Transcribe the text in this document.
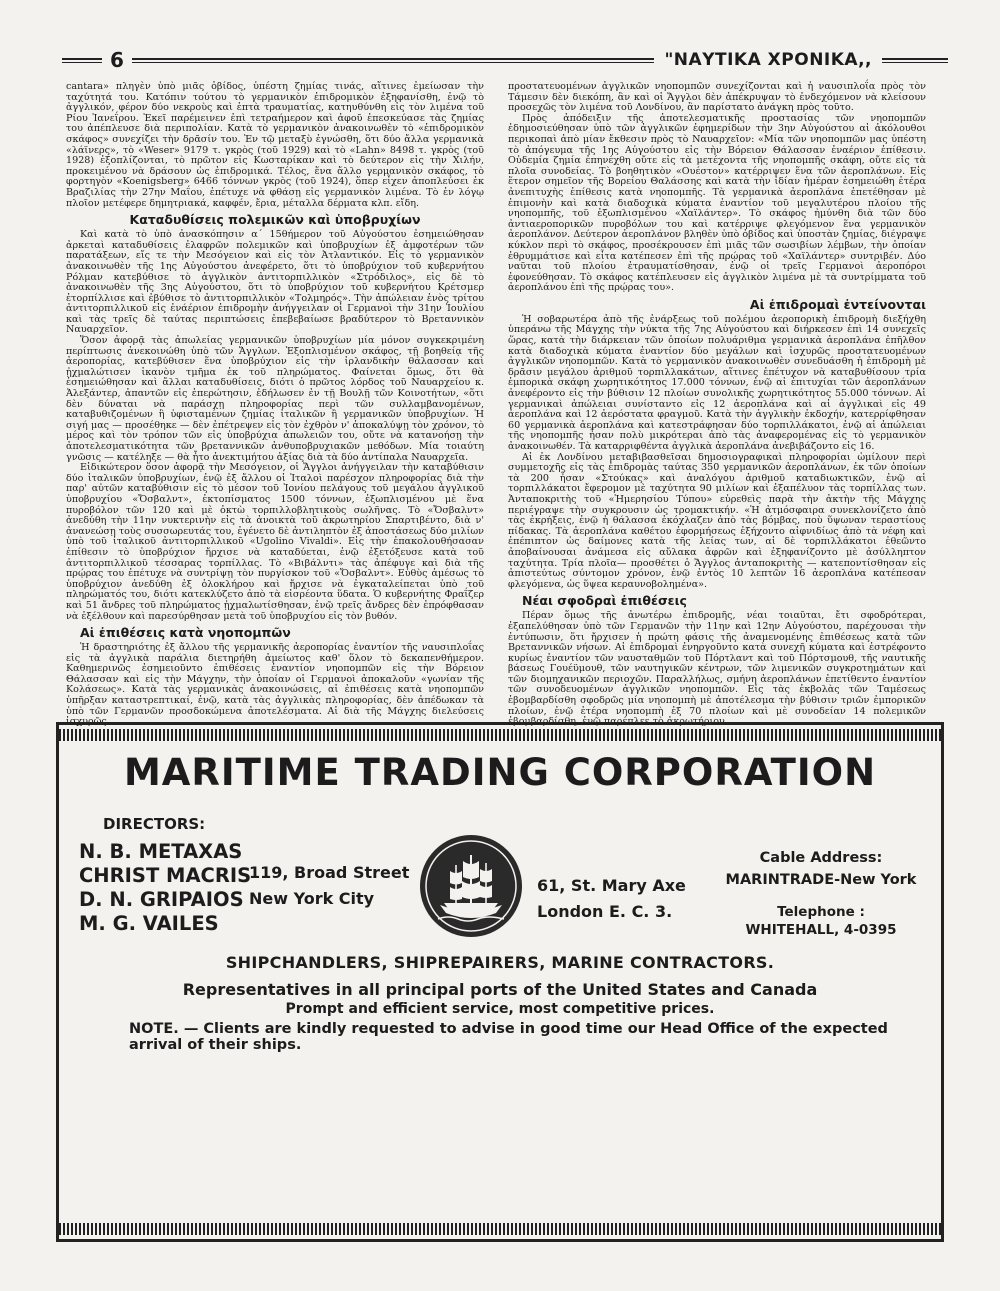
6	"ΝΑΥΤΙΚΑ ΧΡΟΝΙΚΑ,,

cantara» πληγὲν ὑπὸ μιᾶς ὀβίδος, ὑπέστη ζημίας τινάς, αἵτινες ἐμείωσαν τὴν ταχύτητά του. Κατόπιν τούτου τὸ γερμανικὸν ἐπιδρομικὸν ἐξηφανίσθη, ἐνῷ τὸ ἀγγλικόν, φέρον δύο νεκροὺς καὶ ἑπτὰ τραυματίας, κατηυθύνθη εἰς τὸν λιμένα τοῦ Ρίου Ἰανεΐρου. Ἐκεῖ παρέμεινεν ἐπὶ τετραήμερον καὶ ἀφοῦ ἐπεσκεύασε τὰς ζημίας του ἀπέπλευσε διὰ περιπολίαν. Κατὰ τὸ γερμανικὸν ἀνακοινωθὲν τὸ «ἐπιδρομικὸν σκάφος» συνεχίζει τὴν δρᾶσίν του. Ἐν τῷ μεταξὺ ἐγνώσθη, ὅτι δύο ἄλλα γερμανικὰ «λάϊνερς», τὸ «Weser» 9179 τ. γκρὸς (τοῦ 1929) καὶ τὸ «Lahn» 8498 τ. γκρὸς (τοῦ 1928) ἐξοπλίζονται, τὸ πρῶτον εἰς Κωσταρίκαν καὶ τὸ δεύτερον εἰς τὴν Χιλήν, προκειμένου νὰ δράσουν ὡς ἐπιδρομικά. Τέλος, ἕνα ἄλλο γερμανικὸν σκάφος, τὸ φορτηγὸν «Koenigsberg» 6466 τόννων γκρὸς (τοῦ 1924), ὅπερ εἶχεν ἀποπλεύσει ἐκ Βραζιλίας τὴν 27ην Μαΐου, ἐπέτυχε νὰ φθάσῃ εἰς γερμανικὸν λιμένα. Τὸ ἐν λόγῳ πλοῖον μετέφερε δημητριακά, καφφέν, ἔρια, μέταλλα δέρματα κλπ. εἴδη.

Καταδυθίσεις πολεμικῶν καὶ ὑποβρυχίων

Καὶ κατὰ τὸ ὑπὸ ἀνασκόπησιν α΄ 15θήμερον τοῦ Αὐγούστου ἐσημειώθησαν ἀρκεταὶ καταδυθίσεις ἐλαφρῶν πολεμικῶν καὶ ὑποβρυχίων ἐξ ἀμφοτέρων τῶν παρατάξεων, εἴς τε τὴν Μεσόγειον καὶ εἰς τὸν Ἀτλαντικόν. Εἰς τὸ γερμανικὸν ἀνακοινωθὲν τῆς 1ης Αὐγούστου ἀνεφέρετο, ὅτι τὸ ὑποβρύχιον τοῦ κυβερνήτου Ρόλμαν κατεβύθισε τὸ ἀγγλικὸν ἀντιτορπιλλικὸν «Στρόδιλος», εἰς δὲ τὸ ἀνακοινωθὲν τῆς 3ης Αὐγούστου, ὅτι τὸ ὑποβρύχιον τοῦ κυβερνήτου Κρέτσμερ ἐτορπίλλισε καὶ ἐβύθισε τὸ ἀντιτορπιλλικὸν «Τολμηρός». Τὴν ἀπώλειαν ἑνὸς τρίτου ἀντιτορπιλλικοῦ εἰς ἐνάέριον ἐπιδρομὴν ἀνήγγειλαν οἱ Γερμανοὶ τὴν 31ην Ἰουλίου καὶ τὰς τρεῖς δὲ ταύτας περιπτώσεις ἐπεβεβαίωσε βραδύτερον τὸ Βρεταννικὸν Ναυαρχεῖον.

Ὅσον ἀφορᾷ τὰς ἀπωλείας γερμανικῶν ὑποβρυχίων μία μόνον συγκεκριμένη περίπτωσις ἀνεκοινώθη ὑπὸ τῶν Ἄγγλων. Ἐξοπλισμένον σκάφος, τῇ βοηθείᾳ τῆς ἀεροπορίας, κατεβύθισεν ἕνα ὑποβρύχιον εἰς τὴν ἰρλανδικὴν θάλασσαν καὶ ᾐχμαλώτισεν ἱκανὸν τμῆμα ἐκ τοῦ πληρώματος. Φαίνεται ὅμως, ὅτι θὰ ἐσημειώθησαν καὶ ἄλλαι καταδυθίσεις, διότι ὁ πρῶτος λόρδος τοῦ Ναυαρχείου κ. Ἀλεξάντερ, ἀπαντῶν εἰς ἐπερώτησιν, ἐδήλωσεν ἐν τῇ Βουλῇ τῶν Κοινοτήτων, «ὅτι δὲν δύναται νὰ παράσχῃ πληροφορίας περὶ τῶν συλλαμβανομένων, καταβυθιζομένων ἢ ὑφισταμένων ζημίας ἰταλικῶν ἢ γερμανικῶν ὑποβρυχίων. Ἡ σιγή μας — προσέθηκε — δὲν ἐπέτρεψεν εἰς τὸν ἐχθρὸν ν' ἀποκαλύψῃ τὸν χρόνον, τὸ μέρος καὶ τὸν τρόπον τῶν εἰς ὑποβρύχια ἀπωλειῶν του, οὔτε νὰ κατανοήσῃ τὴν ἀποτελεσματικότητα τῶν βρεταννικῶν ἀνθυποβρυχιακῶν μεθόδων. Μία τοιαύτη γνῶσις — κατέληξε — θὰ ἦτο ἀνεκτιμήτου ἀξίας διὰ τὰ δύο ἀντίπαλα Ναυαρχεῖα.

Εἰδικώτερον ὅσον ἀφορᾷ τὴν Μεσόγειον, οἱ Ἄγγλοι ἀνήγγειλαν τὴν καταβύθισιν δύο ἰταλικῶν ὑποβρυχίων, ἐνῷ ἐξ ἄλλου οἱ Ἰταλοὶ παρέσχον πληροφορίας διὰ τὴν παρ' αὐτῶν καταβύθισιν εἰς τὸ μέσον τοῦ Ἰονίου πελάγους τοῦ μεγάλου ἀγγλικοῦ ὑποβρυχίου «Ὄσβαλντ», ἐκτοπίσματος 1500 τόννων, ἐξωπλισμένου μὲ ἕνα πυροβόλον τῶν 120 καὶ μὲ ὀκτὼ τορπιλλοβλητικοὺς σωλῆνας. Τὸ «Ὄσβαλντ» ἀνεδύθη τὴν 11ην νυκτερινὴν εἰς τὰ ἀνοικτὰ τοῦ ἀκρωτηρίου Σπαρτιβέντο, διὰ ν' ἀνανεώσῃ τοὺς συσσωρευτάς του, ἐγένετο δὲ ἀντιληπτὸν ἐξ ἀποστάσεως δύο μιλίων ὑπὸ τοῦ ἰταλικοῦ ἀντιτορπιλλικοῦ «Ugolino Vivaldi». Εἰς τὴν ἐπακολουθήσασαν ἐπίθεσιν τὸ ὑποβρύχιον ἤρχισε νὰ καταδύεται, ἐνῷ ἐξετόξευσε κατὰ τοῦ ἀντιτορπιλλικοῦ τέσσαρας τορπίλλας. Τὸ «Βιβάλντι» τὰς ἀπέφυγε καὶ διὰ τῆς πρῴρας του ἐπέτυχε νὰ συντρίψῃ τὸν πυργίσκον τοῦ «Ὄσβαλντ». Εὐθὺς ἀμέσως τὸ ὑποβρύχιον ἀνεδύθη ἐξ ὁλοκλήρου καὶ ἤρχισε νὰ ἐγκαταλείπεται ὑπὸ τοῦ πληρώματός του, διότι κατεκλύζετο ἀπὸ τὰ εἰσρέοντα ὕδατα. Ὁ κυβερνήτης Φραΐζερ καὶ 51 ἄνδρες τοῦ πληρώματος ᾐχμαλωτίσθησαν, ἐνῷ τρεῖς ἄνδρες δὲν ἐπρόφθασαν νὰ ἐξέλθουν καὶ παρεσύρθησαν μετὰ τοῦ ὑποβρυχίου εἰς τὸν βυθόν.

Αἱ ἐπιθέσεις κατὰ νηοπομπῶν

Ἡ δραστηριότης ἐξ ἄλλου τῆς γερμανικῆς ἀεροπορίας ἐναντίον τῆς ναυσιπλοΐας εἰς τὰ ἀγγλικὰ παράλια διετηρήθη ἀμείωτος καθ' ὅλον τὸ δεκαπενθήμερον. Καθημερινῶς ἐσημειοῦντο ἐπιθέσεις ἐναντίον νηοπομπῶν εἰς τὴν Βόρειον Θάλασσαν καὶ εἰς τὴν Μάγχην, τὴν ὁποίαν οἱ Γερμανοὶ ἀποκαλοῦν «γωνίαν τῆς Κολάσεως». Κατὰ τὰς γερμανικὰς ἀνακοινώσεις, αἱ ἐπιθέσεις κατὰ νηοπομπῶν ὑπῆρξαν καταστρεπτικαί, ἐνῷ, κατὰ τὰς ἀγγλικὰς πληροφορίας, δὲν ἀπέδωκαν τὰ ὑπὸ τῶν Γερμανῶν προσδοκώμενα ἀποτελέσματα. Αἱ διὰ τῆς Μάγχης διελεύσεις ἰσχυρῶς

προστατευομένων ἀγγλικῶν νηοπομπῶν συνεχίζονται καὶ ἡ ναυσιπλοΐα πρὸς τὸν Τάμεσιν δὲν διεκόπη, ἂν καὶ οἱ Ἄγγλοι δὲν ἀπέκρυψαν τὸ ἐνδεχόμενον νὰ κλείσουν προσεχῶς τὸν λιμένα τοῦ Λονδίνου, ἂν παρίστατο ἀνάγκη πρὸς τοῦτο.

Πρὸς ἀπόδειξιν τῆς ἀποτελεσματικῆς προστασίας τῶν νηοπομπῶν ἐδημοσιεύθησαν ὑπὸ τῶν ἀγγλικῶν ἐφημερίδων τὴν 3ην Αὐγούστου αἱ ἀκόλουθοι περικοπαὶ ἀπὸ μίαν ἔκθεσιν πρὸς τὸ Ναυαρχεῖον: «Μία τῶν νηοπομπῶν μας ὑπέστη τὸ ἀπόγευμα τῆς 1ης Αὐγούστου εἰς τὴν Βόρειον Θάλασσαν ἐναέριον ἐπίθεσιν. Οὐδεμία ζημία ἐπηνέχθη οὔτε εἰς τὰ μετέχοντα τῆς νηοπομπῆς σκάφη, οὔτε εἰς τὰ πλοῖα συνοδείας. Τὸ βοηθητικὸν «Ουέστον» κατέρριψεν ἕνα τῶν ἀεροπλάνων. Εἰς ἕτερον σημεῖον τῆς Βορείου Θαλάσσης καὶ κατὰ τὴν ἰδίαν ἡμέραν ἐσημειώθη ἑτέρα ἀνεπιτυχὴς ἐπίθεσις κατὰ νηοπομπῆς. Τὰ γερμανικὰ ἀεροπλάνα ἐπετέθησαν μὲ ἐπιμονὴν καὶ κατὰ διαδοχικὰ κύματα ἐναντίον τοῦ μεγαλυτέρου πλοίου τῆς νηοπομπῆς, τοῦ ἐξωπλισμένου «Χαϊλάντερ». Τὸ σκάφος ἠμύνθη διὰ τῶν δύο ἀντιαεροπορικῶν πυροβόλων του καὶ κατέρριψε φλεγόμενον ἕνα γερμανικὸν ἀεροπλάνον. Δεύτερον ἀεροπλάνον βληθὲν ὑπὸ ὀβίδος καὶ ὑποστὰν ζημίας, διέγραψε κύκλον περὶ τὸ σκάφος, προσέκρουσεν ἐπὶ μιᾶς τῶν σωσιβίων λέμβων, τὴν ὁποίαν ἐθρυμμάτισε καὶ εἶτα κατέπεσεν ἐπὶ τῆς πρῴρας τοῦ «Χαϊλάντερ» συντριβέν. Δύο ναῦται τοῦ πλοίου ἐτραυματίσθησαν, ἐνῷ οἱ τρεῖς Γερμανοὶ ἀεροπόροι ἐφονεύθησαν. Τὸ σκάφος κατέπλευσεν εἰς ἀγγλικὸν λιμένα μὲ τὰ συντρίμματα τοῦ ἀεροπλάνου ἐπὶ τῆς πρῴρας του».

Αἱ ἐπιδρομαὶ ἐντείνονται

Ἡ σοβαρωτέρα ἀπὸ τῆς ἐνάρξεως τοῦ πολέμου ἀεροπορικὴ ἐπιδρομὴ διεξήχθη ὑπεράνω τῆς Μάγχης τὴν νύκτα τῆς 7ης Αὐγούστου καὶ διήρκεσεν ἐπὶ 14 συνεχεῖς ὥρας, κατὰ τὴν διάρκειαν τῶν ὁποίων πολυάριθμα γερμανικὰ ἀεροπλάνα ἐπῆλθον κατὰ διαδοχικὰ κύματα ἐναντίον δύο μεγάλων καὶ ἰσχυρῶς προστατευομένων ἀγγλικῶν νηοπομπῶν. Κατὰ τὸ γερμανικὸν ἀνακοινωθὲν συνεδυάσθη ἡ ἐπιδρομὴ μὲ δρᾶσιν μεγάλου ἀριθμοῦ τορπιλλακάτων, αἵτινες ἐπέτυχον νὰ καταβυθίσουν τρία ἐμπορικὰ σκάφη χωρητικότητος 17.000 τόννων, ἐνῷ αἱ ἐπιτυχίαι τῶν ἀεροπλάνων ἀνεφέροντο εἰς τὴν βύθισιν 12 πλοίων συνολικῆς χωρητικότητος 55.000 τόννων. Αἱ γερμανικαὶ ἀπώλειαι συνίσταντο εἰς 12 ἀεροπλάνα καὶ αἱ ἀγγλικαὶ εἰς 49 ἀεροπλάνα καὶ 12 ἀερόστατα φραγμοῦ. Κατὰ τὴν ἀγγλικὴν ἐκδοχήν, κατερρίφθησαν 60 γερμανικὰ ἀεροπλάνα καὶ κατεστράφησαν δύο τορπιλλάκατοι, ἐνῷ αἱ ἀπώλειαι τῆς νηοπομπῆς ἦσαν πολὺ μικρότεραι ἀπὸ τὰς ἀναφερομένας εἰς τὸ γερμανικὸν ἀνακοινωθέν. Τὰ καταρριφθέντα ἀγγλικὰ ἀεροπλάνα ἀνεβιβάζοντο εἰς 16.

Αἱ ἐκ Λονδίνου μεταβιβασθεῖσαι δημοσιογραφικαὶ πληροφορίαι ὡμίλουν περὶ συμμετοχῆς εἰς τὰς ἐπιδρομὰς ταύτας 350 γερμανικῶν ἀεροπλάνων, ἐκ τῶν ὁποίων τὰ 200 ἦσαν «Στούκας» καὶ ἀναλόγου ἀριθμοῦ καταδιωκτικῶν, ἐνῷ αἱ τορπιλλάκατοι ἔφερομον μὲ ταχύτητα 90 μιλίων καὶ ἐξαπέλυον τὰς τορπίλλας των. Ἀνταποκριτὴς τοῦ «Ἡμερησίου Τύπου» εὑρεθεὶς παρὰ τὴν ἀκτὴν τῆς Μάγχης περιέγραψε τὴν συγκρουσιν ὡς τρομακτικήν. «Ἡ ἀτμόσφαιρα συνεκλονίζετο ἀπὸ τὰς ἐκρήξεις, ἐνῷ ἡ θάλασσα ἐκόχλαζεν ἀπὸ τὰς βόμβας, ποὺ ὕψωναν τεραστίους πίδακας. Τὰ ἀεροπλάνα καθέτου ἐφορμήσεως ἐξήχοντο αἰφνιδίως ἀπὸ τὰ νέφη καὶ ἐπέπιπτον ὡς δαίμονες κατὰ τῆς λείας των, αἱ δὲ τορπιλλάκατοι ἐθεῶντο ἀποβαίνουσαι ἀνάμεσα εἰς αὔλακα ἀφρῶν καὶ ἐξηφανίζοντο μὲ ἀσύλληπτον ταχύτητα. Τρία πλοῖα— προσθέτει ὁ Ἄγγλος ἀνταποκριτὴς — κατεποντίσθησαν εἰς ἀπιστεύτως σύντομον χρόνον, ἐνῷ ἐντὸς 10 λεπτῶν 16 ἀεροπλάνα κατέπεσαν φλεγόμενα, ὡς ὕψεα κεραυνοβολημένα».

Νέαι σφοδραὶ ἐπιθέσεις

Πέραν ὅμως τῆς ἀνωτέρω ἐπιδρομῆς, νέαι τοιαῦται, ἔτι σφοδρότεραι, ἐξαπελύθησαν ὑπὸ τῶν Γερμανῶν τὴν 11ην καὶ 12ην Αὐγούστου, παρέχουσαι τὴν ἐντύπωσιν, ὅτι ἤρχισεν ἡ πρώτη φάσις τῆς ἀναμενομένης ἐπιθέσεως κατὰ τῶν Βρεταννικῶν νήσων. Αἱ ἐπιδρομαὶ ἐνηργοῦντο κατὰ συνεχῆ κύματα καὶ ἐστρέφοντο κυρίως ἐναντίον τῶν ναυσταθμῶν τοῦ Πόρτλαντ καὶ τοῦ Πόρτσμουθ, τῆς ναυτικῆς βάσεως Γουέϋμουθ, τῶν ναυτηγικῶν κέντρων, τῶν λιμενικῶν συγκροτημάτων καὶ τῶν διομηχανικῶν περιοχῶν. Παραλλήλως, σμήνη ἀεροπλάνων ἐπετίθεντο ἐναντίον τῶν συνοδευομένων ἀγγλικῶν νηοπομπῶν. Εἰς τὰς ἐκβολὰς τῶν Ταμέσεως ἑβομβαρδίσθη σφοδρῶς μία νηοπομπὴ μὲ ἀποτέλεσμα τὴν βύθισιν τριῶν ἐμπορικῶν πλοίων, ἐνῷ ἑτέρα νηοπομπὴ ἐξ 70 πλοίων καὶ μὲ συνοδείαν 14 πολεμικῶν ἐβομβαρδίσθη, ἐνῷ παρέπλεε τὸ ἀκρωτήριον

MARITIME TRADING CORPORATION
DIRECTORS:
N. B. METAXAS
CHRIST MACRIS
D. N. GRIPAIOS
M. G. VAILES
119, Broad Street
New York City
61, St. Mary Axe
London E. C. 3.
Cable Address:
MARINTRADE-New York
Telephone :
WHITEHALL, 4-0395
SHIPCHANDLERS, SHIPREPAIRERS, MARINE CONTRACTORS.
Representatives in all principal ports of the United States and Canada
Prompt and efficient service, most competitive prices.
NOTE. — Clients are kindly requested to advise in good time our Head Office of the expected arrival of their ships.
